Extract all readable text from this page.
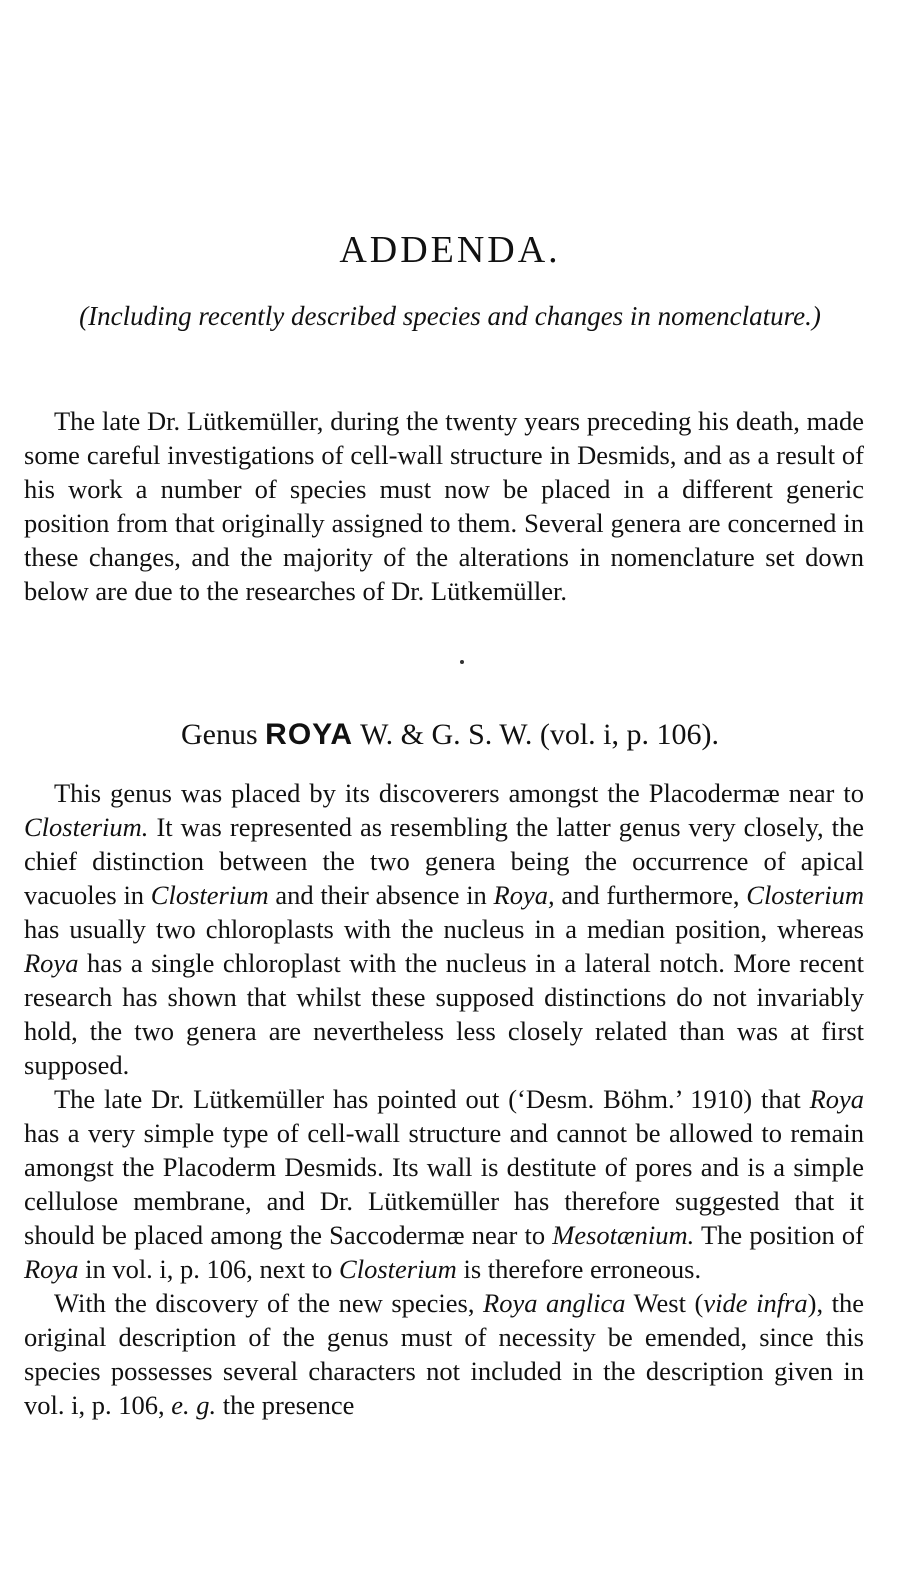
ADDENDA.
(Including recently described species and changes in nomenclature.)

The late Dr. Lütkemüller, during the twenty years preceding his death, made some careful investigations of cell-wall structure in Desmids, and as a result of his work a number of species must now be placed in a different generic position from that originally assigned to them. Several genera are concerned in these changes, and the majority of the alterations in nomenclature set down below are due to the researches of Dr. Lütkemüller.

Genus ROYA W. & G. S. W. (vol. i, p. 106).

This genus was placed by its discoverers amongst the Placodermæ near to Closterium. It was represented as resembling the latter genus very closely, the chief distinction between the two genera being the occurrence of apical vacuoles in Closterium and their absence in Roya, and furthermore, Closterium has usually two chloroplasts with the nucleus in a median position, whereas Roya has a single chloroplast with the nucleus in a lateral notch. More recent research has shown that whilst these supposed distinctions do not invariably hold, the two genera are nevertheless less closely related than was at first supposed.

The late Dr. Lütkemüller has pointed out (‘Desm. Böhm.’ 1910) that Roya has a very simple type of cell-wall structure and cannot be allowed to remain amongst the Placoderm Desmids. Its wall is destitute of pores and is a simple cellulose membrane, and Dr. Lütkemüller has therefore suggested that it should be placed among the Saccodermæ near to Mesotænium. The position of Roya in vol. i, p. 106, next to Closterium is therefore erroneous.

With the discovery of the new species, Roya anglica West (vide infra), the original description of the genus must of necessity be emended, since this species possesses several characters not included in the description given in vol. i, p. 106, e. g. the presence
